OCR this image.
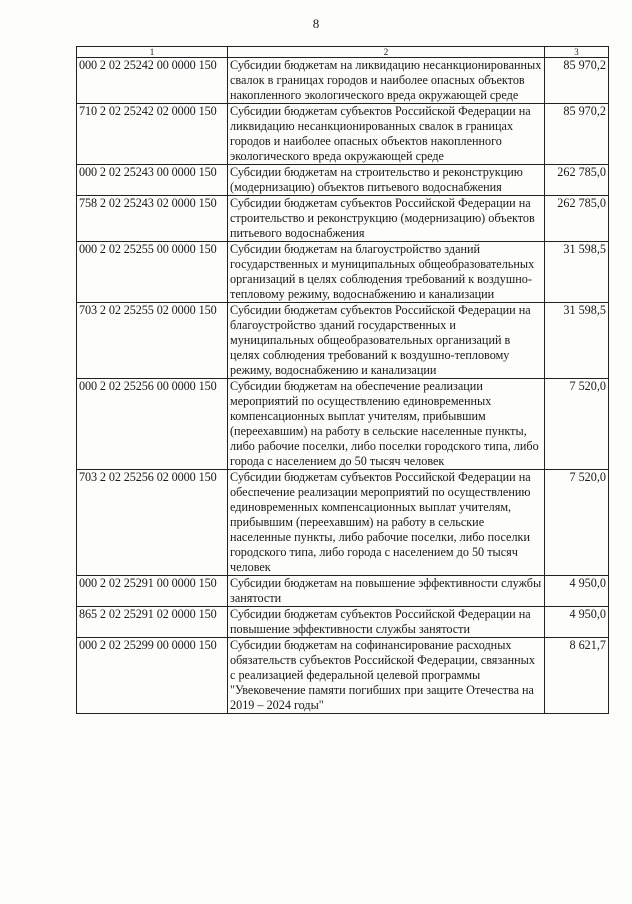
8
1	2	3
000 2 02 25242 00 0000 150	Субсидии бюджетам на ликвидацию несанкционированных свалок в границах городов и наиболее опасных объектов накопленного экологического вреда окружающей среде	85 970,2
710 2 02 25242 02 0000 150	Субсидии бюджетам субъектов Российской Федерации на ликвидацию несанкционированных свалок в границах городов и наиболее опасных объектов накопленного экологического вреда окружающей среде	85 970,2
000 2 02 25243 00 0000 150	Субсидии бюджетам на строительство и реконструкцию (модернизацию) объектов питьевого водоснабжения	262 785,0
758 2 02 25243 02 0000 150	Субсидии бюджетам субъектов Российской Федерации на строительство и реконструкцию (модернизацию) объектов питьевого водоснабжения	262 785,0
000 2 02 25255 00 0000 150	Субсидии бюджетам на благоустройство зданий государственных и муниципальных общеобразовательных организаций в целях соблюдения требований к воздушно-тепловому режиму, водоснабжению и канализации	31 598,5
703 2 02 25255 02 0000 150	Субсидии бюджетам субъектов Российской Федерации на благоустройство зданий государственных и муниципальных общеобразовательных организаций в целях соблюдения требований к воздушно-тепловому режиму, водоснабжению и канализации	31 598,5
000 2 02 25256 00 0000 150	Субсидии бюджетам на обеспечение реализации мероприятий по осуществлению единовременных компенсационных выплат учителям, прибывшим (переехавшим) на работу в сельские населенные пункты, либо рабочие поселки, либо поселки городского типа, либо города с населением до 50 тысяч человек	7 520,0
703 2 02 25256 02 0000 150	Субсидии бюджетам субъектов Российской Федерации на обеспечение реализации мероприятий по осуществлению единовременных компенсационных выплат учителям, прибывшим (переехавшим) на работу в сельские населенные пункты, либо рабочие поселки, либо поселки городского типа, либо города с населением до 50 тысяч человек	7 520,0
000 2 02 25291 00 0000 150	Субсидии бюджетам на повышение эффективности службы занятости	4 950,0
865 2 02 25291 02 0000 150	Субсидии бюджетам субъектов Российской Федерации на повышение эффективности службы занятости	4 950,0
000 2 02 25299 00 0000 150	Субсидии бюджетам на софинансирование расходных обязательств субъектов Российской Федерации, связанных с реализацией федеральной целевой программы "Увековечение памяти погибших при защите Отечества на 2019 – 2024 годы"	8 621,7
